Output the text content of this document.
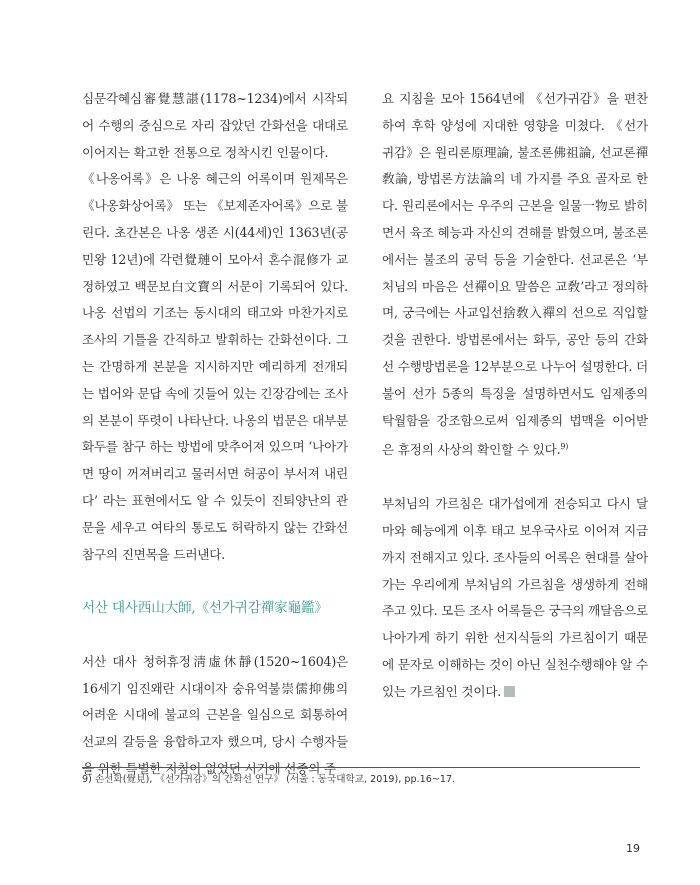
심문각혜심審覺慧諶(1178~1234)에서 시작되어 수행의 중심으로 자리 잡았던 간화선을 대대로 이어지는 확고한 전통으로 정착시킨 인물이다.

《나옹어록》은 나옹 혜근의 어록이며 원제목은 《나옹화상어록》 또는 《보제존자어록》으로 불린다. 초간본은 나옹 생존 시(44세)인 1363년(공민왕 12년)에 각련覺璉이 모아서 혼수混修가 교정하였고 백문보白文寶의 서문이 기록되어 있다. 나옹 선법의 기조는 동시대의 태고와 마찬가지로 조사의 기틀을 간직하고 발휘하는 간화선이다. 그는 간명하게 본분을 지시하지만 예리하게 전개되는 법어와 문답 속에 깃들어 있는 긴장감에는 조사의 본분이 뚜렷이 나타난다. 나옹의 법문은 대부분 화두를 참구 하는 방법에 맞추어져 있으며 ‘나아가면 땅이 꺼져버리고 물러서면 허공이 부서져 내린다’ 라는 표현에서도 알 수 있듯이 진퇴양난의 관문을 세우고 여타의 통로도 허락하지 않는 간화선 참구의 진면목을 드러낸다.

서산 대사西山大師,《선가귀감禪家龜鑑》

서산 대사 청허휴정淸虛休靜(1520~1604)은 16세기 임진왜란 시대이자 숭유억불崇儒抑佛의 어려운 시대에 불교의 근본을 일심으로 회통하여 선교의 갈등을 융합하고자 했으며, 당시 수행자들을 위한 특별한 지침이 없었던 시기에 선종의 주

요 지침을 모아 1564년에 《선가귀감》을 편찬하여 후학 양성에 지대한 영향을 미쳤다. 《선가귀감》은 원리론原理論, 불조론佛祖論, 선교론禪敎論, 방법론方法論의 네 가지를 주요 골자로 한다. 원리론에서는 우주의 근본을 일물一物로 밝히면서 육조 혜능과 자신의 견해를 밝혔으며, 불조론에서는 불조의 공덕 등을 기술한다. 선교론은 ‘부처님의 마음은 선禪이요 말씀은 교敎’라고 정의하며, 궁극에는 사교입선捨敎入禪의 선으로 직입할 것을 권한다. 방법론에서는 화두, 공안 등의 간화선 수행방법론을 12부분으로 나누어 설명한다. 더불어 선가 5종의 특징을 설명하면서도 임제종의 탁월함을 강조함으로써 임제종의 법맥을 이어받은 휴정의 사상의 확인할 수 있다.$^{9)}$

부처님의 가르침은 대가섭에게 전승되고 다시 달마와 혜능에게 이후 태고 보우국사로 이어져 지금까지 전해지고 있다. 조사들의 어록은 현대를 살아가는 우리에게 부처님의 가르침을 생생하게 전해 주고 있다. 모든 조사 어록들은 궁극의 깨달음으로 나아가게 하기 위한 선지식들의 가르침이기 때문에 문자로 이해하는 것이 아닌 실천수행해야 알 수 있는 가르침인 것이다.

9) 손선화(覺見), 《선가귀감》의 간화선 연구》 (서울 : 동국대학교, 2019), pp.16~17.
19
